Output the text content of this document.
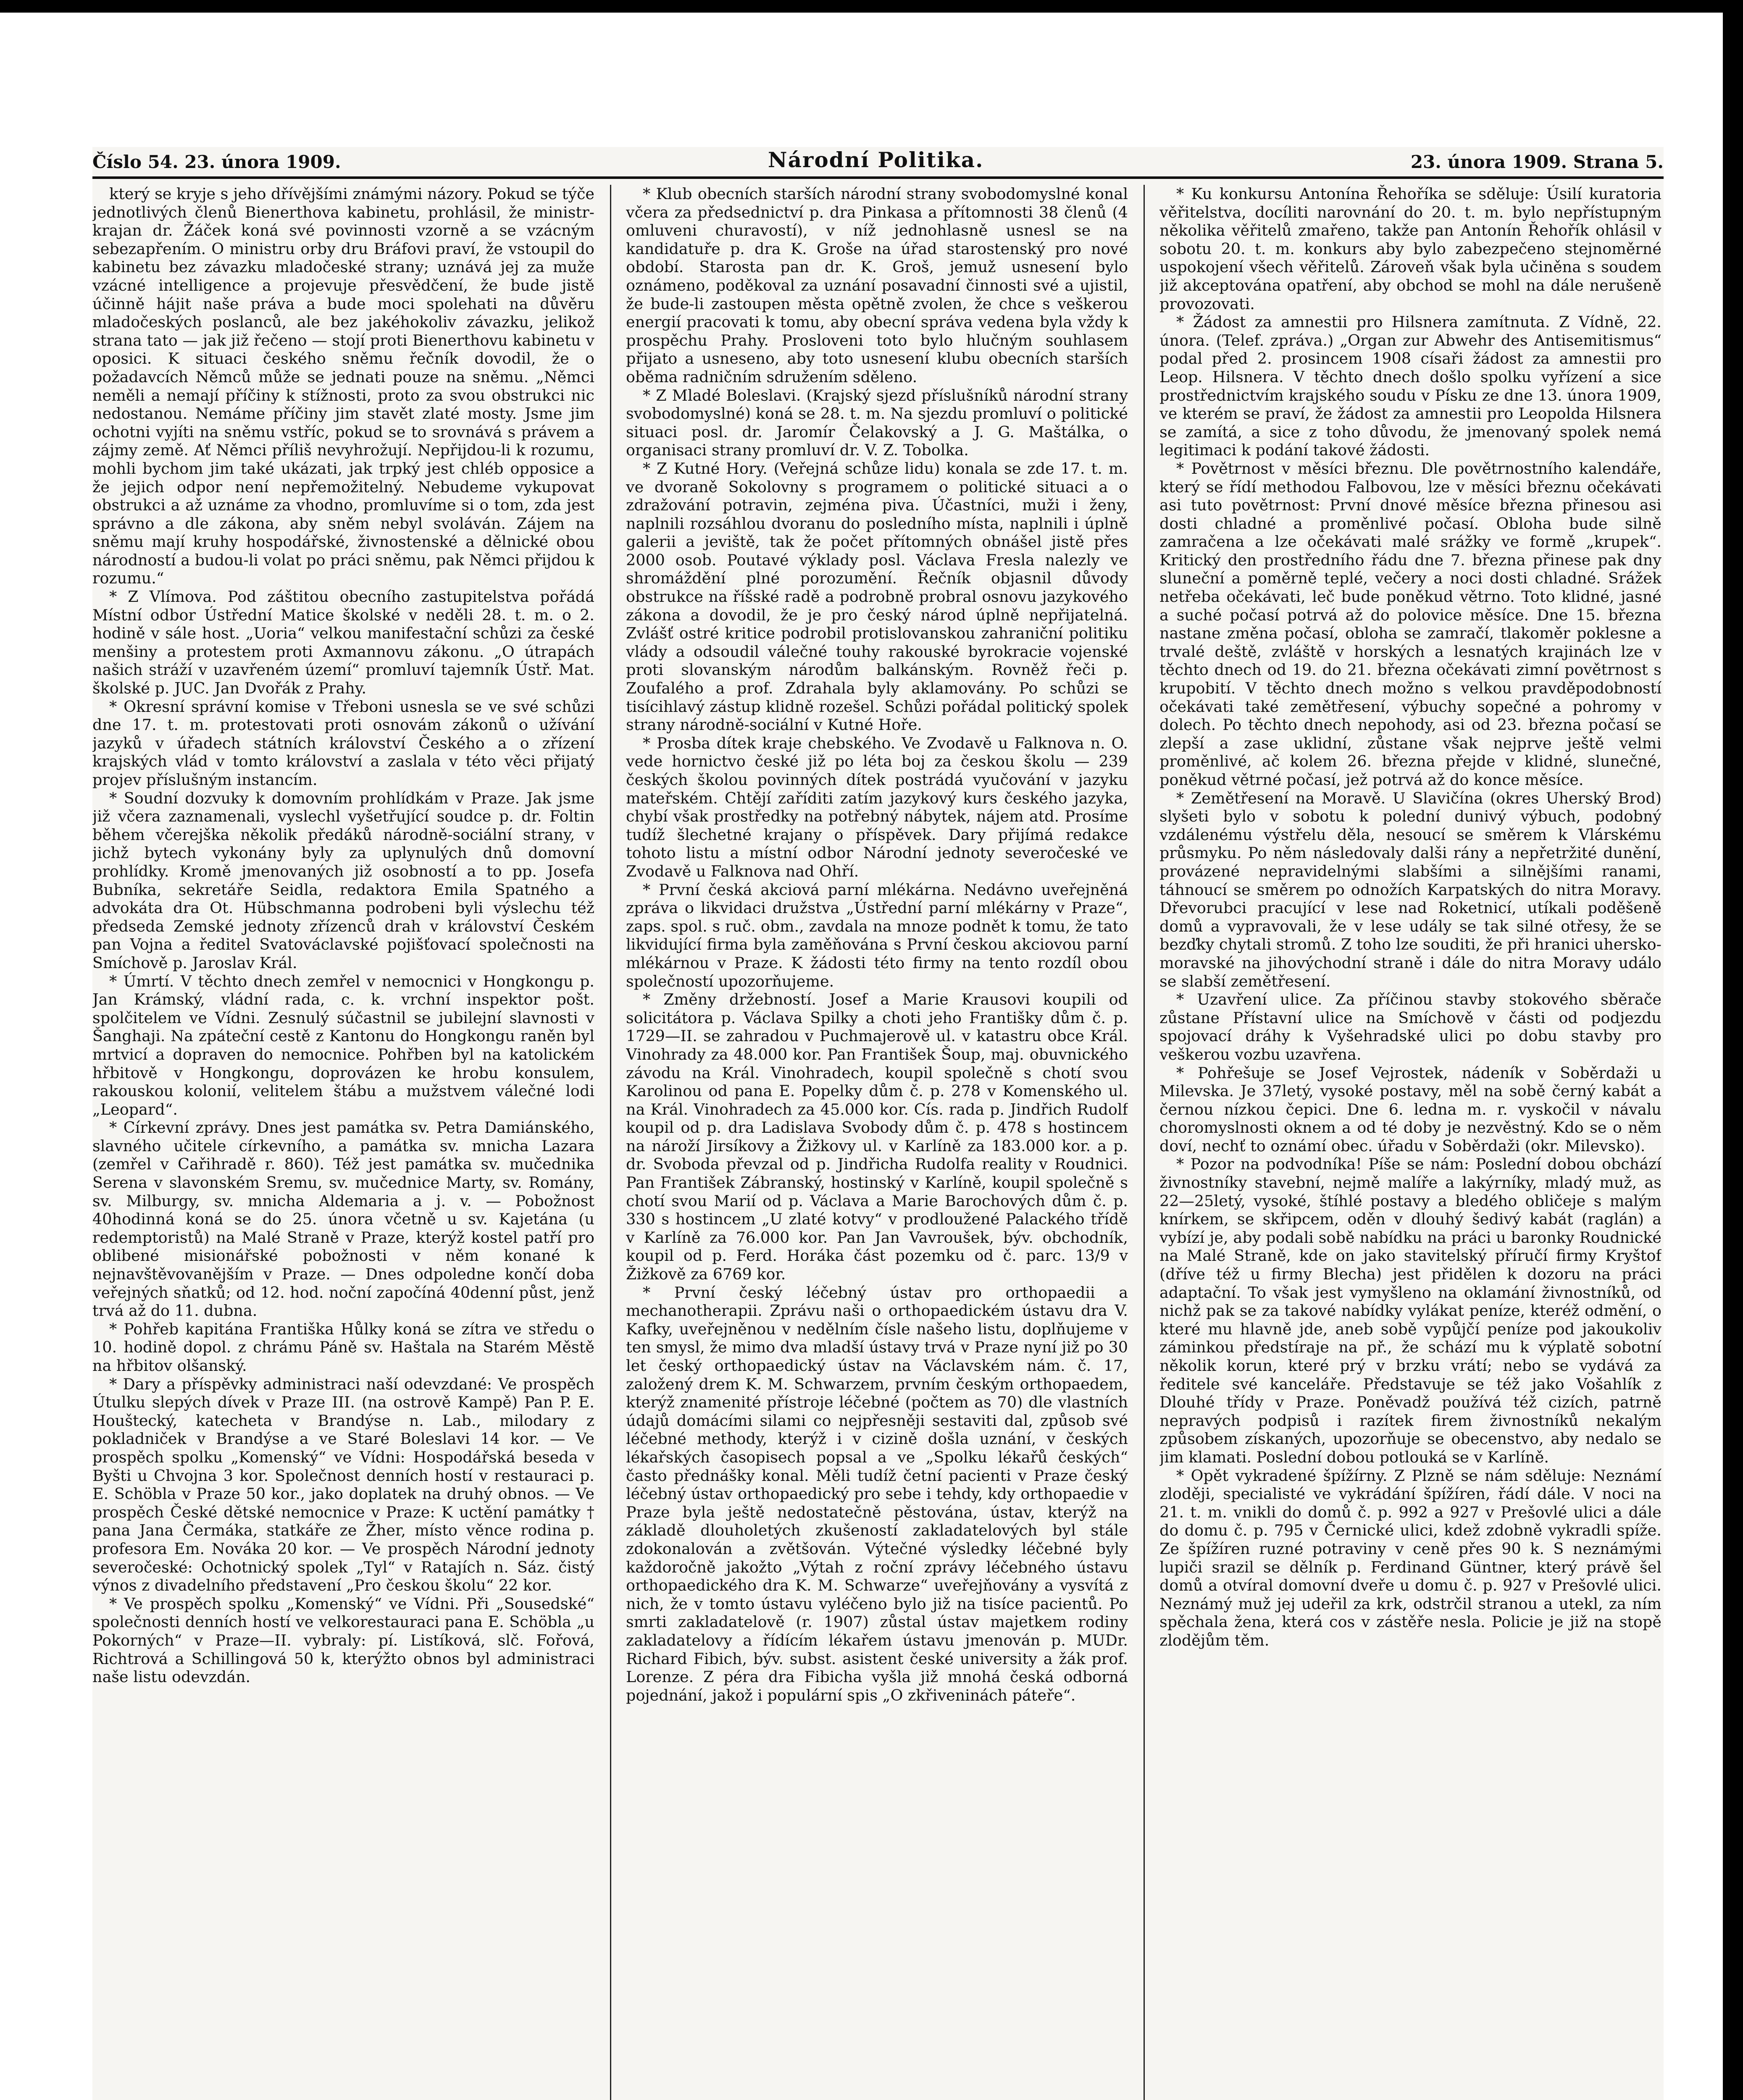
Číslo 54. 23. února 1909.	Národní Politika.	23. února 1909. Strana 5.

který se kryje s jeho dřívějšími známými názory. Pokud se týče jednotlivých členů Bienerthova kabinetu, prohlásil, že ministr-krajan dr. Žáček koná své povinnosti vzorně a se vzácným sebezapřením. O ministru orby dru Bráfovi praví, že vstoupil do kabinetu bez závazku mladočeské strany; uznává jej za muže vzácné intelligence a projevuje přesvědčení, že bude jistě účinně hájit naše práva a bude moci spolehati na důvěru mladočeských poslanců, ale bez jakéhokoliv závazku, jelikož strana tato — jak již řečeno — stojí proti Bienerthovu kabinetu v oposici. K situaci českého sněmu řečník dovodil, že o požadavcích Němců může se jednati pouze na sněmu. „Němci neměli a nemají příčiny k stížnosti, proto za svou obstrukci nic nedostanou. Nemáme příčiny jim stavět zlaté mosty. Jsme jim ochotni vyjíti na sněmu vstříc, pokud se to srovnává s právem a zájmy země. Ať Němci příliš nevyhrožují. Nepřijdou-li k rozumu, mohli bychom jim také ukázati, jak trpký jest chléb opposice a že jejich odpor není nepřemožitelný. Nebudeme vykupovat obstrukci a až uznáme za vhodno, promluvíme si o tom, zda jest správno a dle zákona, aby sněm nebyl svoláván. Zájem na sněmu mají kruhy hospodářské, živnostenské a dělnické obou národností a budou-li volat po práci sněmu, pak Němci přijdou k rozumu.“

* Z Vlímova. Pod záštitou obecního zastupitelstva pořádá Místní odbor Ústřední Matice školské v neděli 28. t. m. o 2. hodině v sále host. „Uoria“ velkou manifestační schůzi za české menšiny a protestem proti Axmannovu zákonu. „O útrapách našich stráží v uzavřeném území“ promluví tajemník Ústř. Mat. školské p. JUC. Jan Dvořák z Prahy.

* Okresní správní komise v Třeboni usnesla se ve své schůzi dne 17. t. m. protestovati proti osnovám zákonů o užívání jazyků v úřadech státních království Českého a o zřízení krajských vlád v tomto království a zaslala v této věci přijatý projev příslušným instancím.

* Soudní dozvuky k domovním prohlídkám v Praze. Jak jsme již včera zaznamenali, vyslechl vyšetřující soudce p. dr. Foltin během včerejška několik předáků národně-sociální strany, v jichž bytech vykonány byly za uplynulých dnů domovní prohlídky. Kromě jmenovaných již osobností a to pp. Josefa Bubníka, sekretáře Seidla, redaktora Emila Spatného a advokáta dra Ot. Hübschmanna podrobeni byli výslechu též předseda Zemské jednoty zřízenců drah v království Českém pan Vojna a ředitel Svatováclavské pojišťovací společnosti na Smíchově p. Jaroslav Král.

* Úmrtí. V těchto dnech zemřel v nemocnici v Hongkongu p. Jan Krámský, vládní rada, c. k. vrchní inspektor pošt. spolčitelem ve Vídni. Zesnulý súčastnil se jubilejní slavnosti v Šanghaji. Na zpáteční cestě z Kantonu do Hongkongu raněn byl mrtvicí a dopraven do nemocnice. Pohřben byl na katolickém hřbitově v Hongkongu, doprovázen ke hrobu konsulem, rakouskou kolonií, velitelem štábu a mužstvem válečné lodi „Leopard“.

* Církevní zprávy. Dnes jest památka sv. Petra Damiánského, slavného učitele církevního, a památka sv. mnicha Lazara (zemřel v Cařihradě r. 860). Též jest památka sv. mučednika Serena v slavonském Sremu, sv. mučednice Marty, sv. Romány, sv. Milburgy, sv. mnicha Aldemaria a j. v. — Pobožnost 40hodinná koná se do 25. února včetně u sv. Kajetána (u redemptoristů) na Malé Straně v Praze, kterýž kostel patří pro oblibené misionářské pobožnosti v něm konané k nejnavštěvovanějším v Praze. — Dnes odpoledne končí doba veřejných sňatků; od 12. hod. noční započíná 40denní půst, jenž trvá až do 11. dubna.

* Pohřeb kapitána Františka Hůlky koná se zítra ve středu o 10. hodině dopol. z chrámu Páně sv. Haštala na Starém Městě na hřbitov olšanský.

* Dary a příspěvky administraci naší odevzdané: Ve prospěch Útulku slepých dívek v Praze III. (na ostrově Kampě) Pan P. E. Houštecký, katecheta v Brandýse n. Lab., milodary z pokladniček v Brandýse a ve Staré Boleslavi 14 kor. — Ve prospěch spolku „Komenský“ ve Vídni: Hospodářská beseda v Byšti u Chvojna 3 kor. Společnost denních hostí v restauraci p. E. Schöbla v Praze 50 kor., jako doplatek na druhý obnos. — Ve prospěch České dětské nemocnice v Praze: K uctění památky † pana Jana Čermáka, statkáře ze Žher, místo věnce rodina p. profesora Em. Nováka 20 kor. — Ve prospěch Národní jednoty severočeské: Ochotnický spolek „Tyl“ v Ratajích n. Sáz. čistý výnos z divadelního představení „Pro českou školu“ 22 kor.

* Ve prospěch spolku „Komenský“ ve Vídni. Při „Sousedské“ společnosti denních hostí ve velkorestauraci pana E. Schöbla „u Pokorných“ v Praze—II. vybraly: pí. Listíková, slč. Fořová, Richtrová a Schillingová 50 k, kterýžto obnos byl administraci naše listu odevzdán.

* Klub obecních starších národní strany svobodomyslné konal včera za předsednictví p. dra Pinkasa a přítomnosti 38 členů (4 omluveni churavostí), v níž jednohlasně usnesl se na kandidatuře p. dra K. Groše na úřad starostenský pro nové období. Starosta pan dr. K. Groš, jemuž usnesení bylo oznámeno, poděkoval za uznání posavadní činnosti své a ujistil, že bude-li zastoupen města opětně zvolen, že chce s veškerou energií pracovati k tomu, aby obecní správa vedena byla vždy k prospěchu Prahy. Prosloveni toto bylo hlučným souhlasem přijato a usneseno, aby toto usnesení klubu obecních starších oběma radničním sdružením sděleno.

* Z Mladé Boleslavi. (Krajský sjezd příslušníků národní strany svobodomyslné) koná se 28. t. m. Na sjezdu promluví o politické situaci posl. dr. Jaromír Čelakovský a J. G. Maštálka, o organisaci strany promluví dr. V. Z. Tobolka.

* Z Kutné Hory. (Veřejná schůze lidu) konala se zde 17. t. m. ve dvoraně Sokolovny s programem o politické situaci a o zdražování potravin, zejména piva. Účastníci, muži i ženy, naplnili rozsáhlou dvoranu do posledního místa, naplnili i úplně galerii a jeviště, tak že počet přítomných obnášel jistě přes 2000 osob. Poutavé výklady posl. Václava Fresla nalezly ve shromáždění plné porozumění. Řečník objasnil důvody obstrukce na říšské radě a podrobně probral osnovu jazykového zákona a dovodil, že je pro český národ úplně nepřijatelná. Zvlášť ostré kritice podrobil protislovanskou zahraniční politiku vlády a odsoudil válečné touhy rakouské byrokracie vojenské proti slovanským národům balkánským. Rovněž řeči p. Zoufalého a prof. Zdrahala byly aklamovány. Po schůzi se tisícihlavý zástup klidně rozešel. Schůzi pořádal politický spolek strany národně-sociální v Kutné Hoře.

* Prosba dítek kraje chebského. Ve Zvodavě u Falknova n. O. vede hornictvo české již po léta boj za českou školu — 239 českých školou povinných dítek postrádá vyučování v jazyku mateřském. Chtějí zaříditi zatím jazykový kurs českého jazyka, chybí však prostředky na potřebný nábytek, nájem atd. Prosíme tudíž šlechetné krajany o příspěvek. Dary přijímá redakce tohoto listu a místní odbor Národní jednoty severočeské ve Zvodavě u Falknova nad Ohří.

* První česká akciová parní mlékárna. Nedávno uveřejněná zpráva o likvidaci družstva „Ústřední parní mlékárny v Praze“, zaps. spol. s ruč. obm., zavdala na mnoze podnět k tomu, že tato likvidující firma byla zaměňována s První českou akciovou parní mlékárnou v Praze. K žádosti této firmy na tento rozdíl obou společností upozorňujeme.

* Změny držebností. Josef a Marie Krausovi koupili od solicitátora p. Václava Spilky a choti jeho Františky dům č. p. 1729—II. se zahradou v Puchmajerově ul. v katastru obce Král. Vinohrady za 48.000 kor. Pan František Šoup, maj. obuvnického závodu na Král. Vinohradech, koupil společně s chotí svou Karolinou od pana E. Popelky dům č. p. 278 v Komenského ul. na Král. Vinohradech za 45.000 kor. Cís. rada p. Jindřich Rudolf koupil od p. dra Ladislava Svobody dům č. p. 478 s hostincem na nároží Jirsíkovy a Žižkovy ul. v Karlíně za 183.000 kor. a p. dr. Svoboda převzal od p. Jindřicha Rudolfa reality v Roudnici. Pan František Zábranský, hostinský v Karlíně, koupil společně s chotí svou Marií od p. Václava a Marie Barochových dům č. p. 330 s hostincem „U zlaté kotvy“ v prodloužené Palackého třídě v Karlíně za 76.000 kor. Pan Jan Vavroušek, býv. obchodník, koupil od p. Ferd. Horáka část pozemku od č. parc. 13/9 v Žižkově za 6769 kor.

* První český léčebný ústav pro orthopaedii a mechanotherapii. Zprávu naši o orthopaedickém ústavu dra V. Kafky, uveřejněnou v nedělním čísle našeho listu, doplňujeme v ten smysl, že mimo dva mladší ústavy trvá v Praze nyní již po 30 let český orthopaedický ústav na Václavském nám. č. 17, založený drem K. M. Schwarzem, prvním českým orthopaedem, kterýž znamenité přístroje léčebné (počtem as 70) dle vlastních údajů domácími silami co nejpřesněji sestaviti dal, způsob své léčebné methody, kterýž i v cizině došla uznání, v českých lékařských časopisech popsal a ve „Spolku lékařů českých“ často přednášky konal. Měli tudíž četní pacienti v Praze český léčebný ústav orthopaedický pro sebe i tehdy, kdy orthopaedie v Praze byla ještě nedostatečně pěstována, ústav, kterýž na základě dlouholetých zkušeností zakladatelových byl stále zdokonalován a zvětšován. Výtečné výsledky léčebné byly každoročně jakožto „Výtah z roční zprávy léčebného ústavu orthopaedického dra K. M. Schwarze“ uveřejňovány a vysvítá z nich, že v tomto ústavu vyléčeno bylo již na tisíce pacientů. Po smrti zakladatelově (r. 1907) zůstal ústav majetkem rodiny zakladatelovy a řídícím lékařem ústavu jmenován p. MUDr. Richard Fibich, býv. subst. asistent české university a žák prof. Lorenze. Z péra dra Fibicha vyšla již mnohá česká odborná pojednání, jakož i populární spis „O zkřiveninách páteře“.

* Ku konkursu Antonína Řehoříka se sděluje: Úsilí kuratoria věřitelstva, docíliti narovnání do 20. t. m. bylo nepřístupným několika věřitelů zmařeno, takže pan Antonín Řehořík ohlásil v sobotu 20. t. m. konkurs aby bylo zabezpečeno stejnoměrné uspokojení všech věřitelů. Zároveň však byla učiněna s soudem již akceptována opatření, aby obchod se mohl na dále nerušeně provozovati.

* Žádost za amnestii pro Hilsnera zamítnuta. Z Vídně, 22. února. (Telef. zpráva.) „Organ zur Abwehr des Antisemitismus“ podal před 2. prosincem 1908 císaři žádost za amnestii pro Leop. Hilsnera. V těchto dnech došlo spolku vyřízení a sice prostřednictvím krajského soudu v Písku ze dne 13. února 1909, ve kterém se praví, že žádost za amnestii pro Leopolda Hilsnera se zamítá, a sice z toho důvodu, že jmenovaný spolek nemá legitimaci k podání takové žádosti.

* Povětrnost v měsíci březnu. Dle povětrnostního kalendáře, který se řídí methodou Falbovou, lze v měsíci březnu očekávati asi tuto povětrnost: První dnové měsíce března přinesou asi dosti chladné a proměnlivé počasí. Obloha bude silně zamračena a lze očekávati malé srážky ve formě „krupek“. Kritický den prostředního řádu dne 7. března přinese pak dny sluneční a poměrně teplé, večery a noci dosti chladné. Srážek netřeba očekávati, leč bude poněkud větrno. Toto klidné, jasné a suché počasí potrvá až do polovice měsíce. Dne 15. března nastane změna počasí, obloha se zamračí, tlakoměr poklesne a trvalé deště, zvláště v horských a lesnatých krajinách lze v těchto dnech od 19. do 21. března očekávati zimní povětrnost s krupobití. V těchto dnech možno s velkou pravděpodobností očekávati také zemětřesení, výbuchy sopečné a pohromy v dolech. Po těchto dnech nepohody, asi od 23. března počasí se zlepší a zase uklidní, zůstane však nejprve ještě velmi proměnlivé, ač kolem 26. března přejde v klidné, slunečné, poněkud větrné počasí, jež potrvá až do konce měsíce.

* Zemětřesení na Moravě. U Slavičína (okres Uherský Brod) slyšeti bylo v sobotu k polední dunivý výbuch, podobný vzdálenému výstřelu děla, nesoucí se směrem k Vlárskému průsmyku. Po něm následovaly dalši rány a nepřetržité dunění, provázené nepravidelnými slabšími a silnějšími ranami, táhnoucí se směrem po odnožích Karpatských do nitra Moravy. Dřevorubci pracující v lese nad Roketnicí, utíkali poděšeně domů a vypravovali, že v lese udály se tak silné otřesy, že se bezďky chytali stromů. Z toho lze souditi, že při hranici uhersko-moravské na jihovýchodní straně i dále do nitra Moravy událo se slabší zemětřesení.

* Uzavření ulice. Za příčinou stavby stokového sběrače zůstane Přístavní ulice na Smíchově v části od podjezdu spojovací dráhy k Vyšehradské ulici po dobu stavby pro veškerou vozbu uzavřena.

* Pohřešuje se Josef Vejrostek, nádeník v Soběrdaži u Milevska. Je 37letý, vysoké postavy, měl na sobě černý kabát a černou nízkou čepici. Dne 6. ledna m. r. vyskočil v návalu choromyslnosti oknem a od té doby je nezvěstný. Kdo se o něm doví, nechť to oznámí obec. úřadu v Soběrdaži (okr. Milevsko).

* Pozor na podvodníka! Píše se nám: Poslední dobou obchází živnostníky stavební, nejmě malíře a lakýrníky, mladý muž, as 22—25letý, vysoké, štíhlé postavy a bledého obličeje s malým knírkem, se skřipcem, oděn v dlouhý šedivý kabát (raglán) a vybízí je, aby podali sobě nabídku na práci u baronky Roudnické na Malé Straně, kde on jako stavitelský příručí firmy Kryštof (dříve též u firmy Blecha) jest přidělen k dozoru na práci adaptační. To však jest vymyšleno na oklamání živnostníků, od nichž pak se za takové nabídky vylákat peníze, kteréž odmění, o které mu hlavně jde, aneb sobě vypůjčí peníze pod jakoukoliv záminkou předstíraje na př., že schází mu k výplatě sobotní několik korun, které prý v brzku vrátí; nebo se vydává za ředitele své kanceláře. Představuje se též jako Vošahlík z Dlouhé třídy v Praze. Poněvadž používá též cizích, patrně nepravých podpisů i razítek firem živnostníků nekalým způsobem získaných, upozorňuje se obecenstvo, aby nedalo se jim klamati. Poslední dobou potlouká se v Karlíně.

* Opět vykradené špížírny. Z Plzně se nám sděluje: Neznámí zloději, specialisté ve vykrádání špížíren, řádí dále. V noci na 21. t. m. vnikli do domů č. p. 992 a 927 v Prešovlé ulici a dále do domu č. p. 795 v Černické ulici, kdež zdobně vykradli spíže. Ze špížíren ruzné potraviny v ceně přes 90 k. S neznámými lupiči srazil se dělník p. Ferdinand Güntner, který právě šel domů a otvíral domovní dveře u domu č. p. 927 v Prešovlé ulici. Neznámý muž jej udeřil za krk, odstrčil stranou a utekl, za ním spěchala žena, která cos v zástěře nesla. Policie je již na stopě zlodějům těm.
